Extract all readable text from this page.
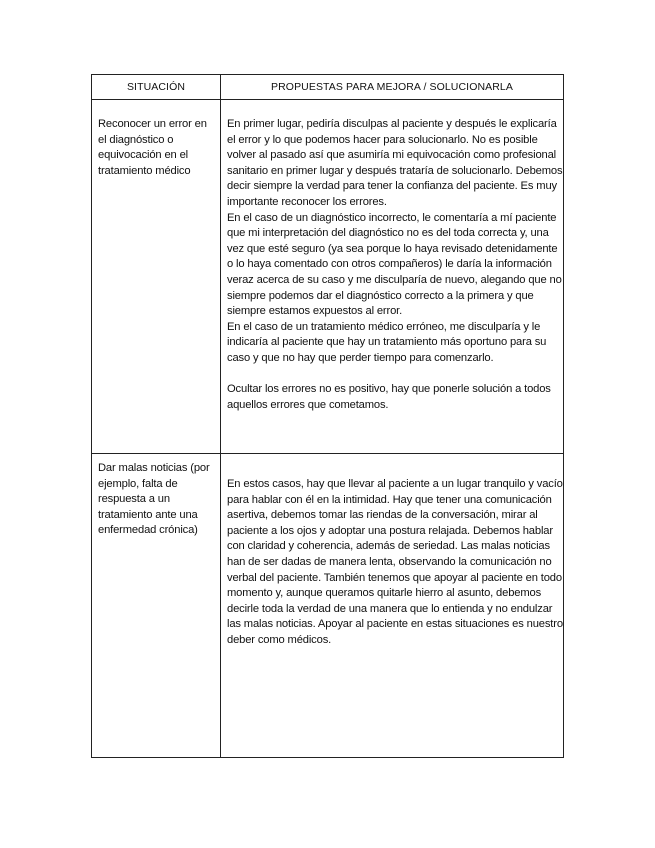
SITUACIÓN	PROPUESTAS PARA MEJORA / SOLUCIONARLA

Reconocer un error en el diagnóstico o equivocación en el tratamiento médico

En primer lugar, pediría disculpas al paciente y después le explicaría el error y lo que podemos hacer para solucionarlo. No es posible volver al pasado así que asumiría mi equivocación como profesional sanitario en primer lugar y después trataría de solucionarlo. Debemos decir siempre la verdad para tener la confianza del paciente. Es muy importante reconocer los errores.

En el caso de un diagnóstico incorrecto, le comentaría a mí paciente que mi interpretación del diagnóstico no es del toda correcta y, una vez que esté seguro (ya sea porque lo haya revisado detenidamente o lo haya comentado con otros compañeros) le daría la información veraz acerca de su caso y me disculparía de nuevo, alegando que no siempre podemos dar el diagnóstico correcto a la primera y que siempre estamos expuestos al error.

En el caso de un tratamiento médico erróneo, me disculparía y le indicaría al paciente que hay un tratamiento más oportuno para su caso y que no hay que perder tiempo para comenzarlo.

Ocultar los errores no es positivo, hay que ponerle solución a todos aquellos errores que cometamos.

Dar malas noticias (por ejemplo, falta de respuesta a un tratamiento ante una enfermedad crónica)

En estos casos, hay que llevar al paciente a un lugar tranquilo y vacío para hablar con él en la intimidad. Hay que tener una comunicación asertiva, debemos tomar las riendas de la conversación, mirar al paciente a los ojos y adoptar una postura relajada. Debemos hablar con claridad y coherencia, además de seriedad. Las malas noticias han de ser dadas de manera lenta, observando la comunicación no verbal del paciente. También tenemos que apoyar al paciente en todo momento y, aunque queramos quitarle hierro al asunto, debemos decirle toda la verdad de una manera que lo entienda y no endulzar las malas noticias. Apoyar al paciente en estas situaciones es nuestro deber como médicos.
